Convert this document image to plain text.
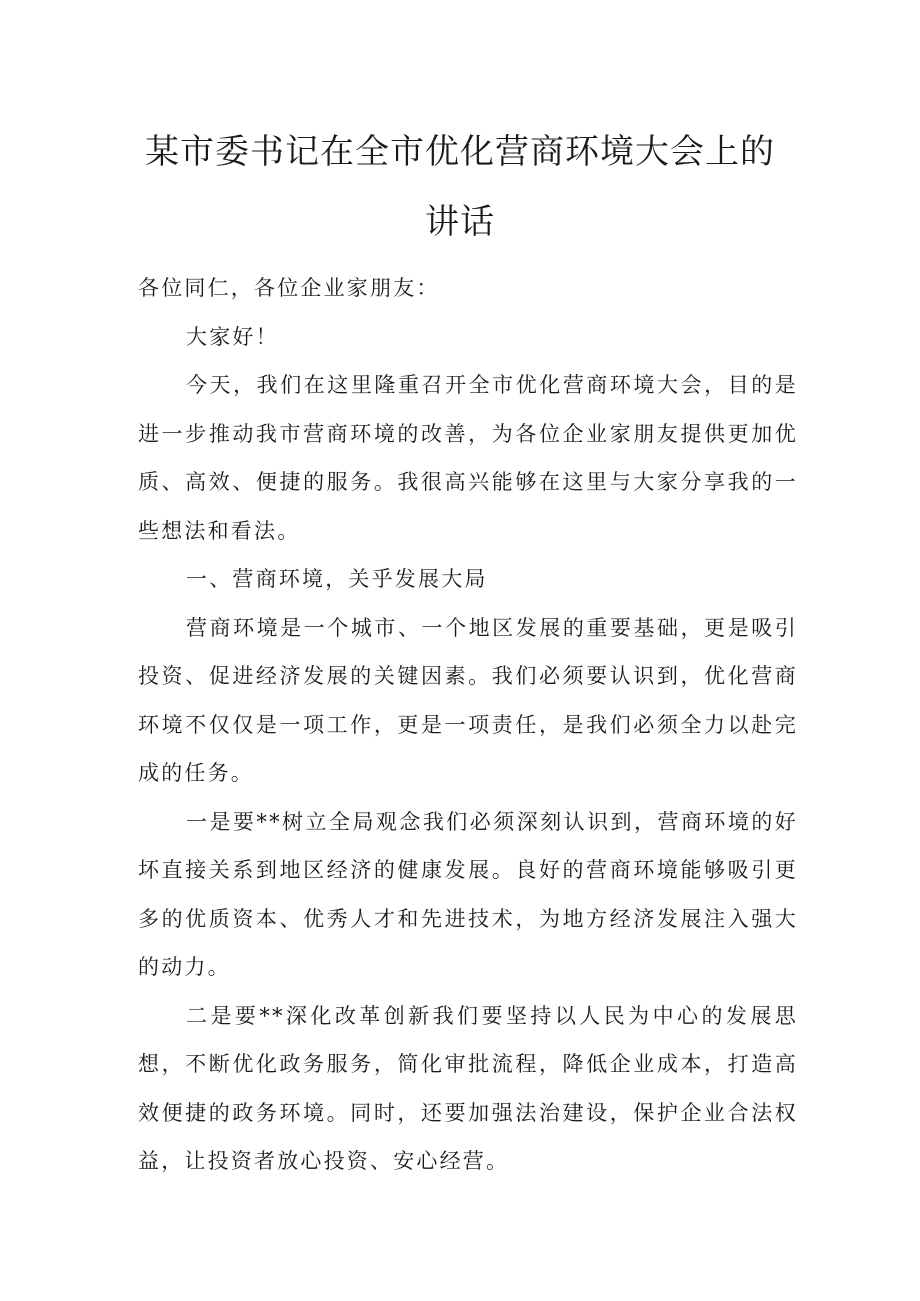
某市委书记在全市优化营商环境大会上的
讲话

各位同仁，各位企业家朋友：

大家好！

今天，我们在这里隆重召开全市优化营商环境大会，目的是进一步推动我市营商环境的改善，为各位企业家朋友提供更加优质、高效、便捷的服务。我很高兴能够在这里与大家分享我的一些想法和看法。

一、营商环境，关乎发展大局

营商环境是一个城市、一个地区发展的重要基础，更是吸引投资、促进经济发展的关键因素。我们必须要认识到，优化营商环境不仅仅是一项工作，更是一项责任，是我们必须全力以赴完成的任务。

一是要**树立全局观念我们必须深刻认识到，营商环境的好坏直接关系到地区经济的健康发展。良好的营商环境能够吸引更多的优质资本、优秀人才和先进技术，为地方经济发展注入强大的动力。

二是要**深化改革创新我们要坚持以人民为中心的发展思想，不断优化政务服务，简化审批流程，降低企业成本，打造高效便捷的政务环境。同时，还要加强法治建设，保护企业合法权益，让投资者放心投资、安心经营。
